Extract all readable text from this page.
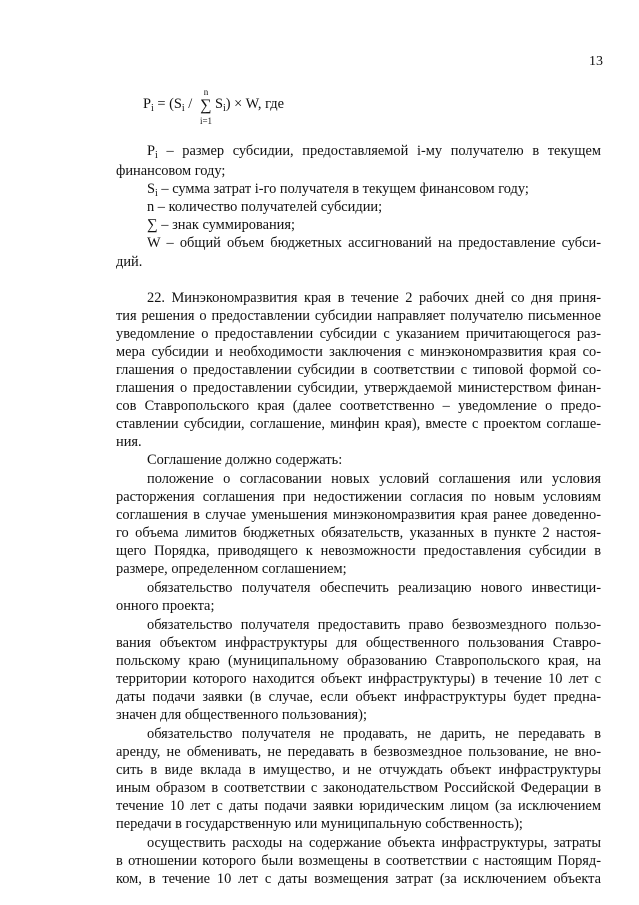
13
$P_i = (S_i$ /
n
∑
i=1
$S_i) \times W$, где
$P_i$ – размер субсидии, предоставляемой i-му получателю в текущем
финансовом году;
$S_i$ – сумма затрат i-го получателя в текущем финансовом году;
n – количество получателей субсидии;
∑ – знак суммирования;
W – общий объем бюджетных ассигнований на предоставление субси-
дий.
22. Минэкономразвития края в течение 2 рабочих дней со дня приня-
тия решения о предоставлении субсидии направляет получателю письменное
уведомление о предоставлении субсидии с указанием причитающегося раз-
мера субсидии и необходимости заключения с минэкономразвития края со-
глашения о предоставлении субсидии в соответствии с типовой формой со-
глашения о предоставлении субсидии, утверждаемой министерством финан-
сов Ставропольского края (далее соответственно – уведомление о предо-
ставлении субсидии, соглашение, минфин края), вместе с проектом соглаше-
ния.
Соглашение должно содержать:
положение о согласовании новых условий соглашения или условия
расторжения соглашения при недостижении согласия по новым условиям
соглашения в случае уменьшения минэкономразвития края ранее доведенно-
го объема лимитов бюджетных обязательств, указанных в пункте 2 настоя-
щего Порядка, приводящего к невозможности предоставления субсидии в
размере, определенном соглашением;
обязательство получателя обеспечить реализацию нового инвестици-
онного проекта;
обязательство получателя предоставить право безвозмездного пользо-
вания объектом инфраструктуры для общественного пользования Ставро-
польскому краю (муниципальному образованию Ставропольского края, на
территории которого находится объект инфраструктуры) в течение 10 лет с
даты подачи заявки (в случае, если объект инфраструктуры будет предна-
значен для общественного пользования);
обязательство получателя не продавать, не дарить, не передавать в
аренду, не обменивать, не передавать в безвозмездное пользование, не вно-
сить в виде вклада в имущество, и не отчуждать объект инфраструктуры
иным образом в соответствии с законодательством Российской Федерации в
течение 10 лет с даты подачи заявки юридическим лицом (за исключением
передачи в государственную или муниципальную собственность);
осуществить расходы на содержание объекта инфраструктуры, затраты
в отношении которого были возмещены в соответствии с настоящим Поряд-
ком, в течение 10 лет с даты возмещения затрат (за исключением объекта
